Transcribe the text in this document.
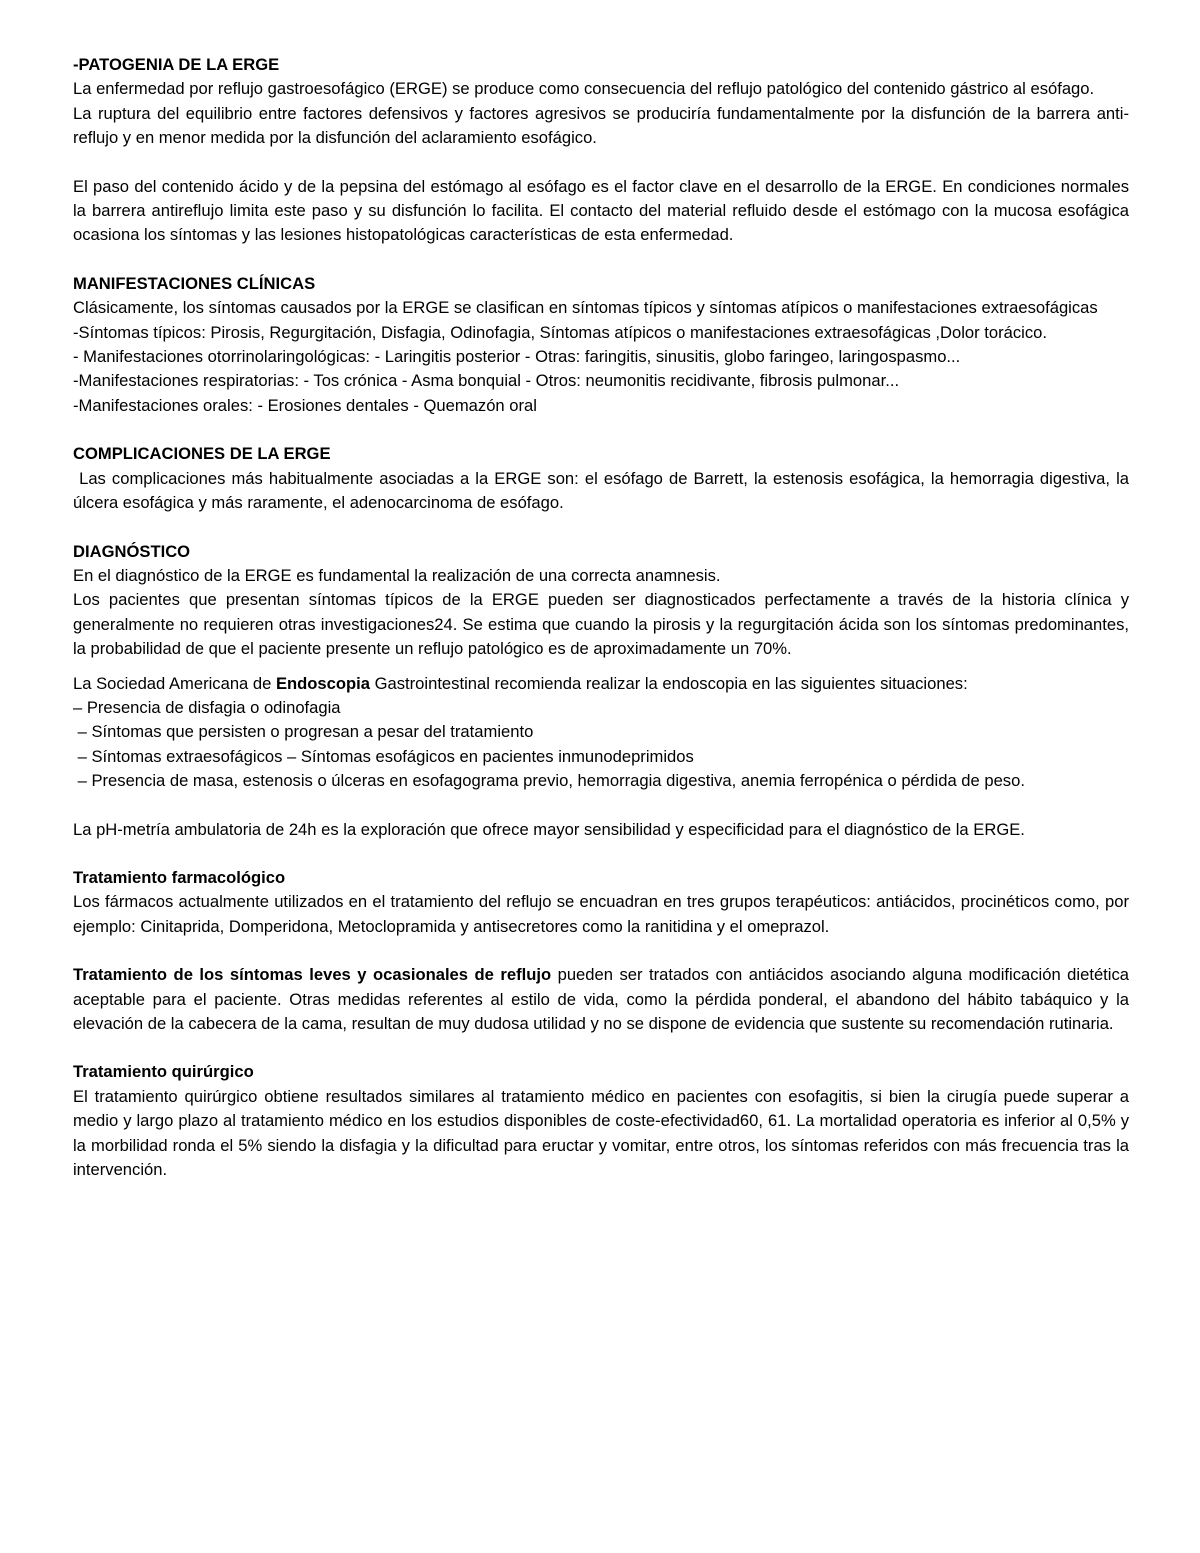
-PATOGENIA DE LA ERGE

La enfermedad por reflujo gastroesofágico (ERGE) se produce como consecuencia del reflujo patológico del contenido gástrico al esófago.

La ruptura del equilibrio entre factores defensivos y factores agresivos se produciría fundamentalmente por la disfunción de la barrera anti-reflujo y en menor medida por la disfunción del aclaramiento esofágico.

El paso del contenido ácido y de la pepsina del estómago al esófago es el factor clave en el desarrollo de la ERGE. En condiciones normales la barrera antireflujo limita este paso y su disfunción lo facilita. El contacto del material refluido desde el estómago con la mucosa esofágica ocasiona los síntomas y las lesiones histopatológicas características de esta enfermedad.

MANIFESTACIONES CLÍNICAS

Clásicamente, los síntomas causados por la ERGE se clasifican en síntomas típicos y síntomas atípicos o manifestaciones extraesofágicas

-Síntomas típicos: Pirosis, Regurgitación, Disfagia, Odinofagia, Síntomas atípicos o manifestaciones extraesofágicas ,Dolor torácico.

- Manifestaciones otorrinolaringológicas: - Laringitis posterior - Otras: faringitis, sinusitis, globo faringeo, laringospasmo...

-Manifestaciones respiratorias: - Tos crónica - Asma bonquial - Otros: neumonitis recidivante, fibrosis pulmonar...

-Manifestaciones orales: - Erosiones dentales - Quemazón oral

COMPLICACIONES DE LA ERGE

Las complicaciones más habitualmente asociadas a la ERGE son: el esófago de Barrett, la estenosis esofágica, la hemorragia digestiva, la úlcera esofágica y más raramente, el adenocarcinoma de esófago.

DIAGNÓSTICO

En el diagnóstico de la ERGE es fundamental la realización de una correcta anamnesis.

Los pacientes que presentan síntomas típicos de la ERGE pueden ser diagnosticados perfectamente a través de la historia clínica y generalmente no requieren otras investigaciones24. Se estima que cuando la pirosis y la regurgitación ácida son los síntomas predominantes, la probabilidad de que el paciente presente un reflujo patológico es de aproximadamente un 70%.

La Sociedad Americana de Endoscopia Gastrointestinal recomienda realizar la endoscopia en las siguientes situaciones:

– Presencia de disfagia o odinofagia

– Síntomas que persisten o progresan a pesar del tratamiento

– Síntomas extraesofágicos – Síntomas esofágicos en pacientes inmunodeprimidos

– Presencia de masa, estenosis o úlceras en esofagograma previo, hemorragia digestiva, anemia ferropénica o pérdida de peso.

La pH-metría ambulatoria de 24h es la exploración que ofrece mayor sensibilidad y especificidad para el diagnóstico de la ERGE.

Tratamiento farmacológico

Los fármacos actualmente utilizados en el tratamiento del reflujo se encuadran en tres grupos terapéuticos: antiácidos, procinéticos como, por ejemplo: Cinitaprida, Domperidona, Metoclopramida y antisecretores como la ranitidina y el omeprazol.

Tratamiento de los síntomas leves y ocasionales de reflujo pueden ser tratados con antiácidos asociando alguna modificación dietética aceptable para el paciente. Otras medidas referentes al estilo de vida, como la pérdida ponderal, el abandono del hábito tabáquico y la elevación de la cabecera de la cama, resultan de muy dudosa utilidad y no se dispone de evidencia que sustente su recomendación rutinaria.

Tratamiento quirúrgico

El tratamiento quirúrgico obtiene resultados similares al tratamiento médico en pacientes con esofagitis, si bien la cirugía puede superar a medio y largo plazo al tratamiento médico en los estudios disponibles de coste-efectividad60, 61. La mortalidad operatoria es inferior al 0,5% y la morbilidad ronda el 5% siendo la disfagia y la dificultad para eructar y vomitar, entre otros, los síntomas referidos con más frecuencia tras la intervención.
